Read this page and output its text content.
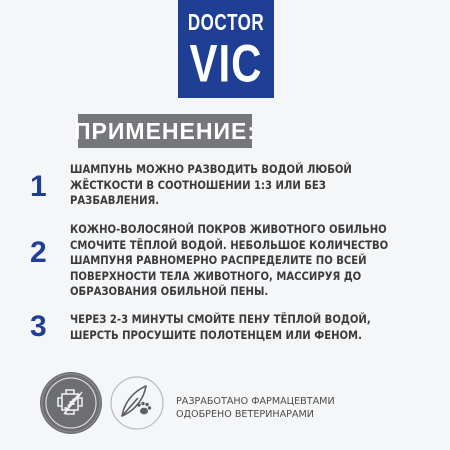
DOCTOR
VIC
ПРИМЕНЕНИЕ:
1
ШАМПУНЬ МОЖНО РАЗВОДИТЬ ВОДОЙ ЛЮБОЙ
ЖЁСТКОСТИ В СООТНОШЕНИИ 1:3 ИЛИ БЕЗ
РАЗБАВЛЕНИЯ.
2
КОЖНО-ВОЛОСЯНОЙ ПОКРОВ ЖИВОТНОГО ОБИЛЬНО
СМОЧИТЕ ТЁПЛОЙ ВОДОЙ. НЕБОЛЬШОЕ КОЛИЧЕСТВО
ШАМПУНЯ РАВНОМЕРНО РАСПРЕДЕЛИТЕ ПО ВСЕЙ
ПОВЕРХНОСТИ ТЕЛА ЖИВОТНОГО, МАССИРУЯ ДО
ОБРАЗОВАНИЯ ОБИЛЬНОЙ ПЕНЫ.
3	ЧЕРЕЗ 2-3 МИНУТЫ СМОЙТЕ ПЕНУ ТЁПЛОЙ ВОДОЙ,
ШЕРСТЬ ПРОСУШИТЕ ПОЛОТЕНЦЕМ ИЛИ ФЕНОМ.
РАЗРАБОТАНО ФАРМАЦЕВТАМИ
ОДОБРЕНО ВЕТЕРИНАРАМИ
